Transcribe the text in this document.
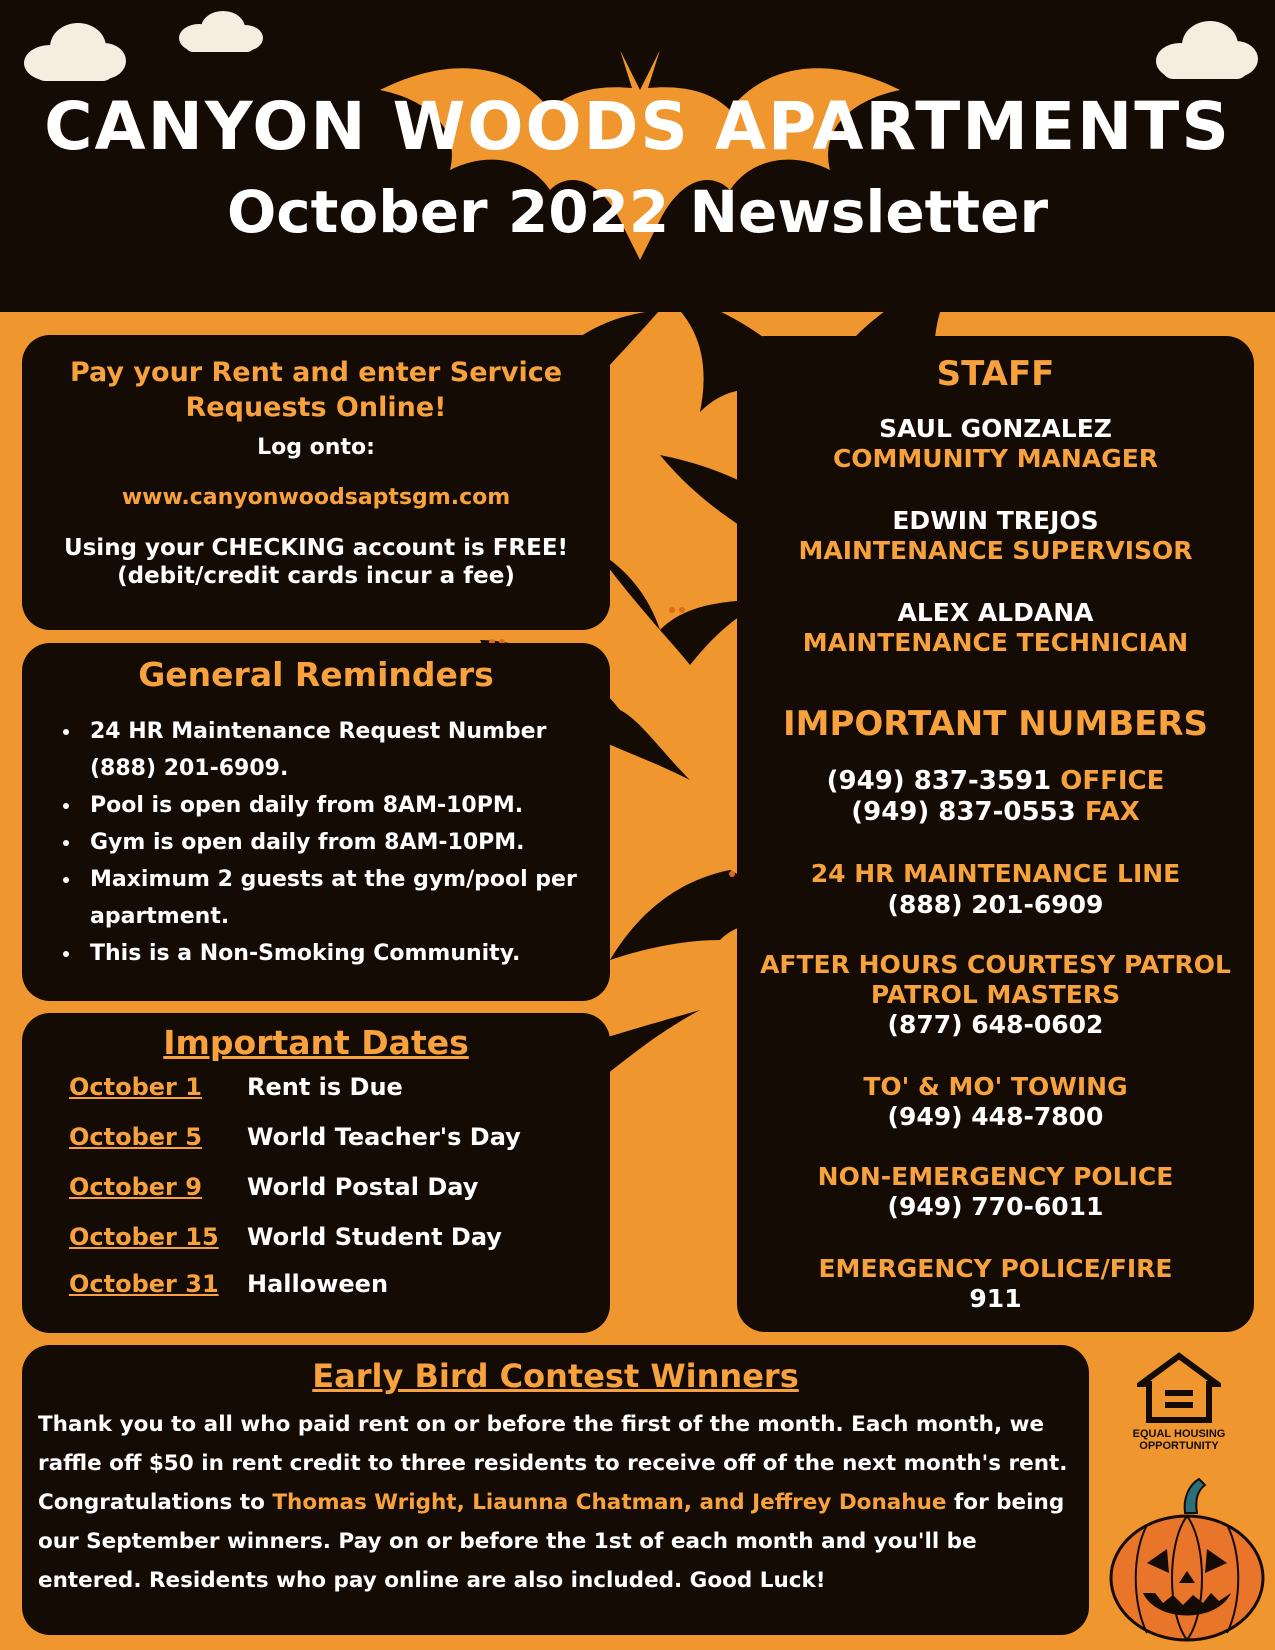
CANYON WOODS APARTMENTS
October 2022 Newsletter
Pay your Rent and enter Service
Requests Online!
Log onto:
www.canyonwoodsaptsgm.com
Using your CHECKING account is FREE!
(debit/credit cards incur a fee)
General Reminders
• 24 HR Maintenance Request Number (888) 201-6909.
• Pool is open daily from 8AM-10PM.
• Gym is open daily from 8AM-10PM.
• Maximum 2 guests at the gym/pool per apartment.
• This is a Non-Smoking Community.
Important Dates
October 1 Rent is Due
October 5 World Teacher's Day
October 9 World Postal Day
October 15 World Student Day
October 31 Halloween
STAFF
SAUL GONZALEZ
COMMUNITY MANAGER
EDWIN TREJOS
MAINTENANCE SUPERVISOR
ALEX ALDANA
MAINTENANCE TECHNICIAN
IMPORTANT NUMBERS
(949) 837-3591 OFFICE
(949) 837-0553 FAX
24 HR MAINTENANCE LINE
(888) 201-6909
AFTER HOURS COURTESY PATROL
PATROL MASTERS
(877) 648-0602
TO' & MO' TOWING
(949) 448-7800
NON-EMERGENCY POLICE
(949) 770-6011
EMERGENCY POLICE/FIRE
911
Early Bird Contest Winners
Thank you to all who paid rent on or before the first of the month. Each month, we raffle off $50 in rent credit to three residents to receive off of the next month's rent. Congratulations to Thomas Wright, Liaunna Chatman, and Jeffrey Donahue for being our September winners. Pay on or before the 1st of each month and you'll be entered. Residents who pay online are also included. Good Luck!
EQUAL HOUSING
OPPORTUNITY
